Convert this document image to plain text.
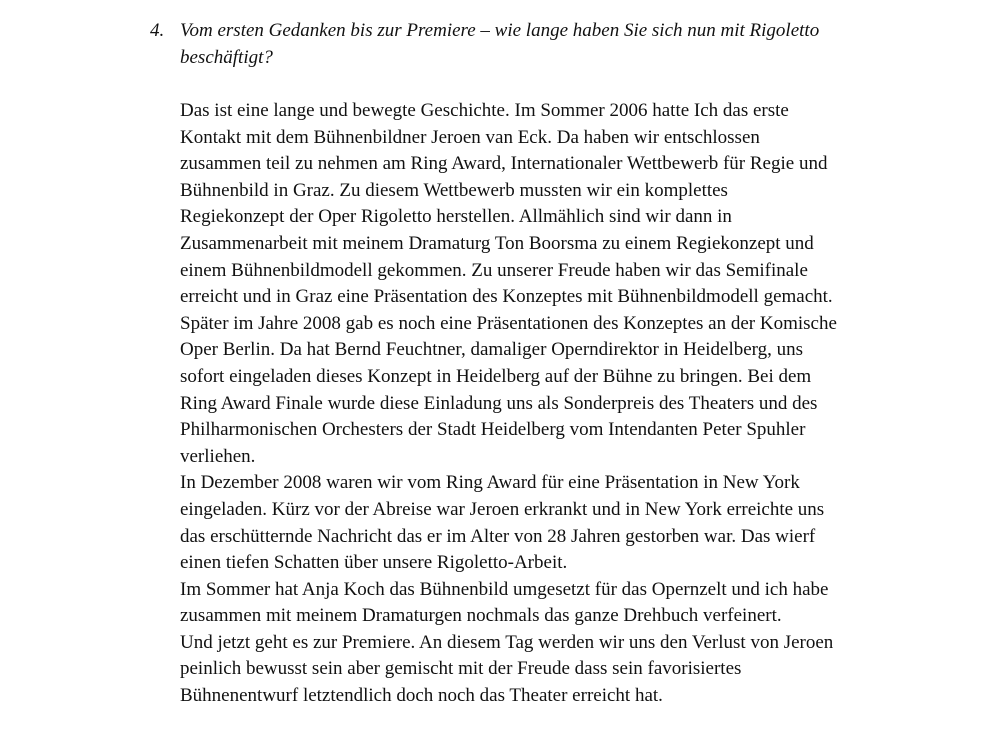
4. Vom ersten Gedanken bis zur Premiere – wie lange haben Sie sich nun mit Rigoletto
beschäftigt?
Das ist eine lange und bewegte Geschichte. Im Sommer 2006 hatte Ich das erste
Kontakt mit dem Bühnenbildner Jeroen van Eck. Da haben wir entschlossen
zusammen teil zu nehmen am Ring Award, Internationaler Wettbewerb für Regie und
Bühnenbild in Graz. Zu diesem Wettbewerb mussten wir ein komplettes
Regiekonzept der Oper Rigoletto herstellen. Allmählich sind wir dann in
Zusammenarbeit mit meinem Dramaturg Ton Boorsma zu einem Regiekonzept und
einem Bühnenbildmodell gekommen. Zu unserer Freude haben wir das Semifinale
erreicht und in Graz eine Präsentation des Konzeptes mit Bühnenbildmodell gemacht.
Später im Jahre 2008 gab es noch eine Präsentationen des Konzeptes an der Komische
Oper Berlin. Da hat Bernd Feuchtner, damaliger Operndirektor in Heidelberg, uns
sofort eingeladen dieses Konzept in Heidelberg auf der Bühne zu bringen. Bei dem
Ring Award Finale wurde diese Einladung uns als Sonderpreis des Theaters und des
Philharmonischen Orchesters der Stadt Heidelberg vom Intendanten Peter Spuhler
verliehen.
In Dezember 2008 waren wir vom Ring Award für eine Präsentation in New York
eingeladen. Kürz vor der Abreise war Jeroen erkrankt und in New York erreichte uns
das erschütternde Nachricht das er im Alter von 28 Jahren gestorben war. Das wierf
einen tiefen Schatten über unsere Rigoletto-Arbeit.
Im Sommer hat Anja Koch das Bühnenbild umgesetzt für das Opernzelt und ich habe
zusammen mit meinem Dramaturgen nochmals das ganze Drehbuch verfeinert.
Und jetzt geht es zur Premiere. An diesem Tag werden wir uns den Verlust von Jeroen
peinlich bewusst sein aber gemischt mit der Freude dass sein favorisiertes
Bühnenentwurf letztendlich doch noch das Theater erreicht hat.
